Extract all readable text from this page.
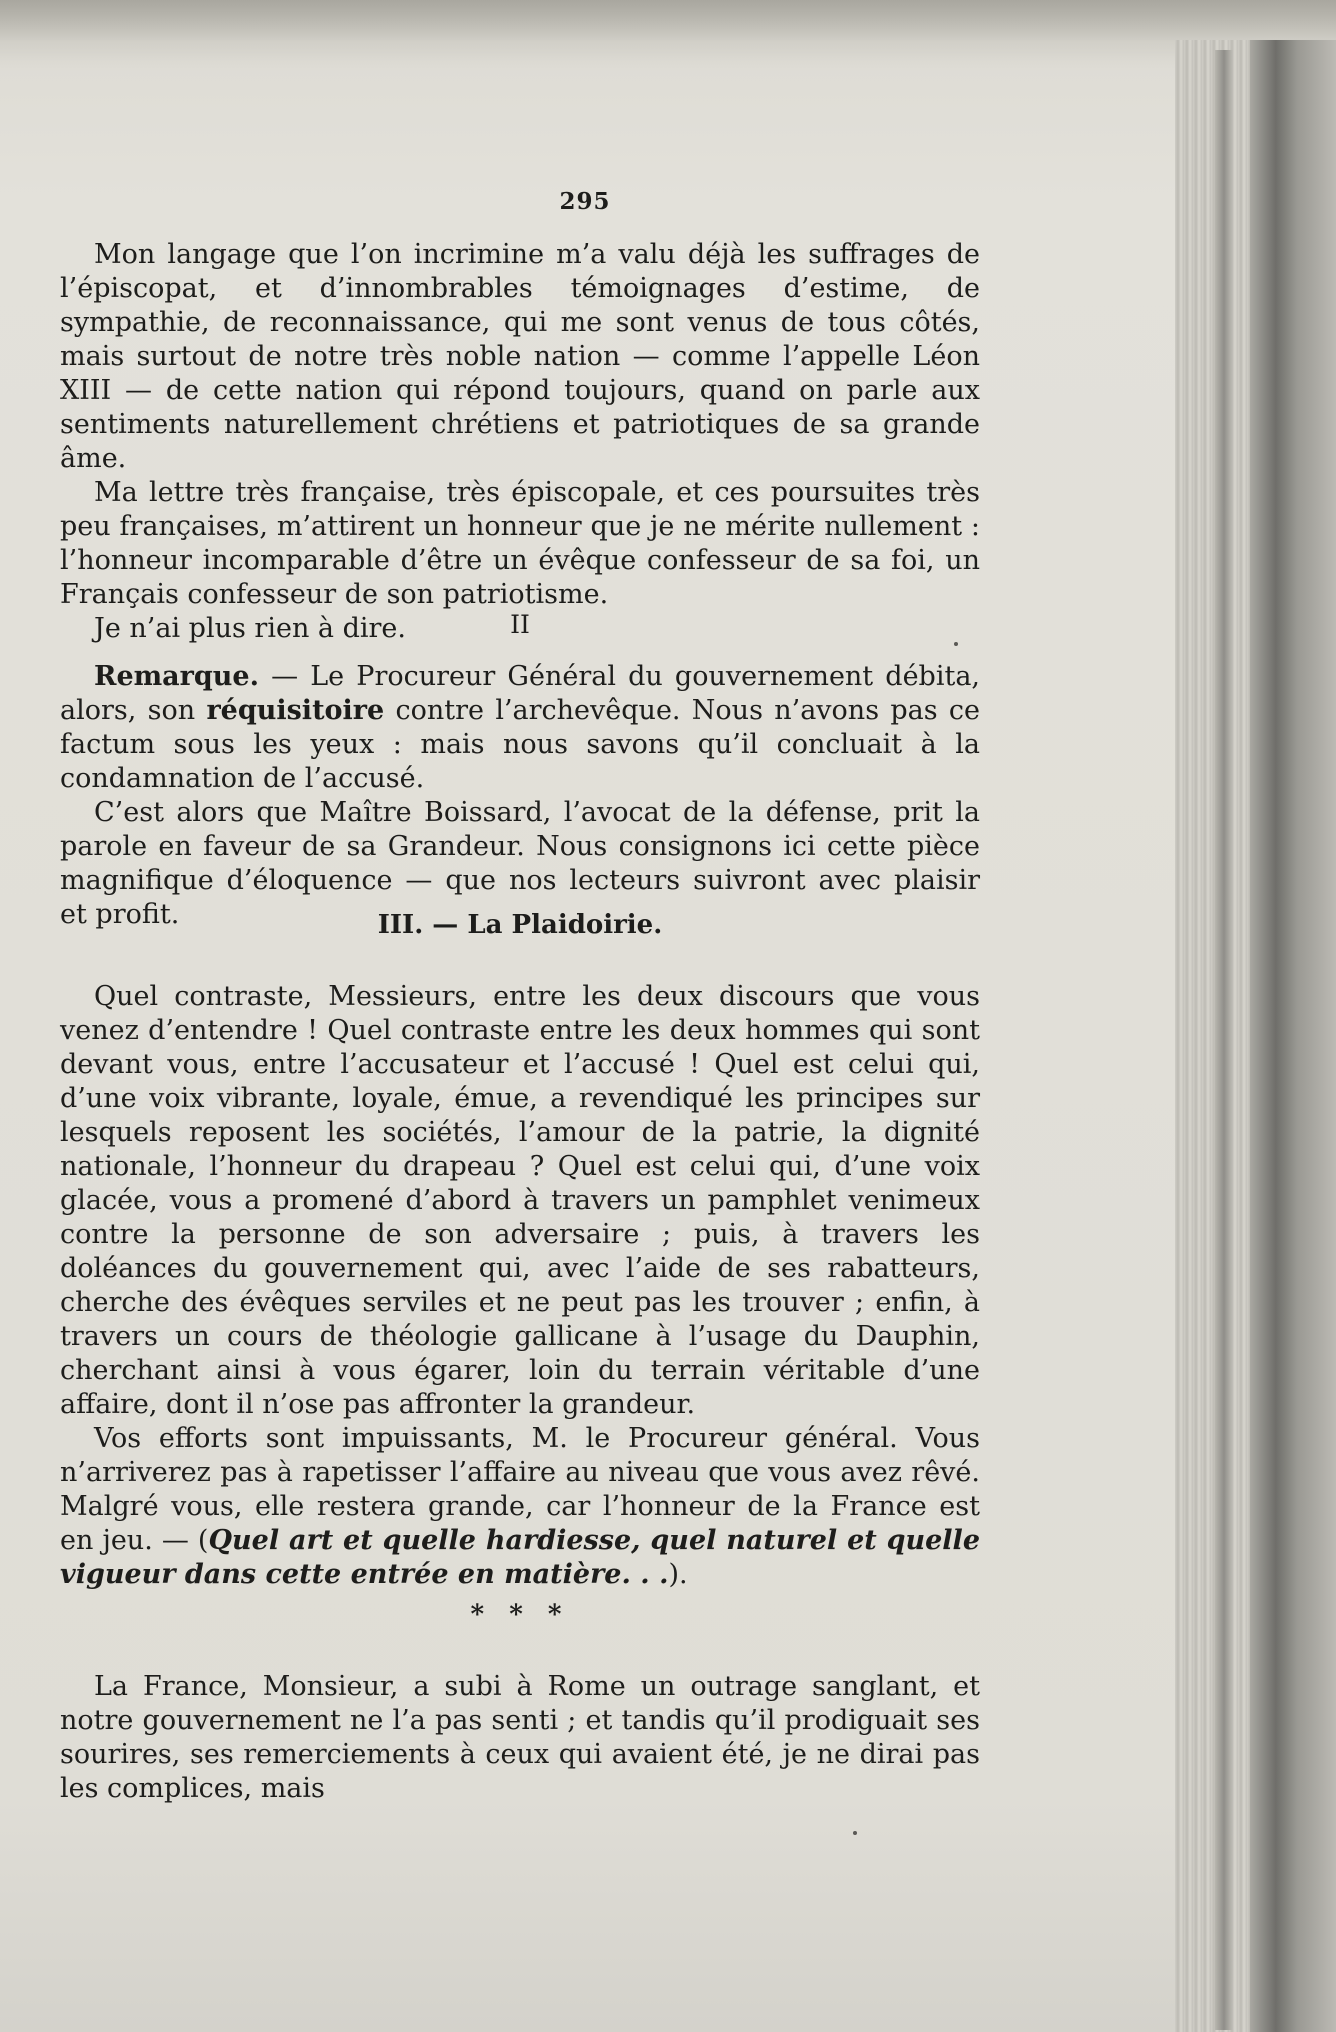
295

Mon langage que l’on incrimine m’a valu déjà les suffrages de l’épiscopat, et d’innombrables témoignages d’estime, de sympathie, de reconnaissance, qui me sont venus de tous côtés, mais surtout de notre très noble nation — comme l’appelle Léon XIII — de cette nation qui répond toujours, quand on parle aux sentiments naturellement chrétiens et patriotiques de sa grande âme.

Ma lettre très française, très épiscopale, et ces poursuites très peu françaises, m’attirent un honneur que je ne mérite nullement : l’honneur incomparable d’être un évêque confesseur de sa foi, un Français confesseur de son patriotisme.

Je n’ai plus rien à dire.	II

Remarque. — Le Procureur Général du gouvernement débita, alors, son réquisitoire contre l’archevêque. Nous n’avons pas ce factum sous les yeux : mais nous savons qu’il concluait à la condamnation de l’accusé.

C’est alors que Maître Boissard, l’avocat de la défense, prit la parole en faveur de sa Grandeur. Nous consignons ici cette pièce magnifique d’éloquence — que nos lecteurs suivront avec plaisir et profit.	III. — La Plaidoirie.

Quel contraste, Messieurs, entre les deux discours que vous venez d’entendre ! Quel contraste entre les deux hommes qui sont devant vous, entre l’accusateur et l’accusé ! Quel est celui qui, d’une voix vibrante, loyale, émue, a revendiqué les principes sur lesquels reposent les sociétés, l’amour de la patrie, la dignité nationale, l’honneur du drapeau ? Quel est celui qui, d’une voix glacée, vous a promené d’abord à travers un pamphlet venimeux contre la personne de son adversaire ; puis, à travers les doléances du gouvernement qui, avec l’aide de ses rabatteurs, cherche des évêques serviles et ne peut pas les trouver ; enfin, à travers un cours de théologie gallicane à l’usage du Dauphin, cherchant ainsi à vous égarer, loin du terrain véritable d’une affaire, dont il n’ose pas affronter la grandeur.

Vos efforts sont impuissants, M. le Procureur général. Vous n’arriverez pas à rapetisser l’affaire au niveau que vous avez rêvé. Malgré vous, elle restera grande, car l’honneur de la France est en jeu. — (Quel art et quelle hardiesse, quel naturel et quelle vigueur dans cette entrée en matière. . .).

* * *

La France, Monsieur, a subi à Rome un outrage sanglant, et notre gouvernement ne l’a pas senti ; et tandis qu’il prodiguait ses sourires, ses remerciements à ceux qui avaient été, je ne dirai pas les complices, mais
